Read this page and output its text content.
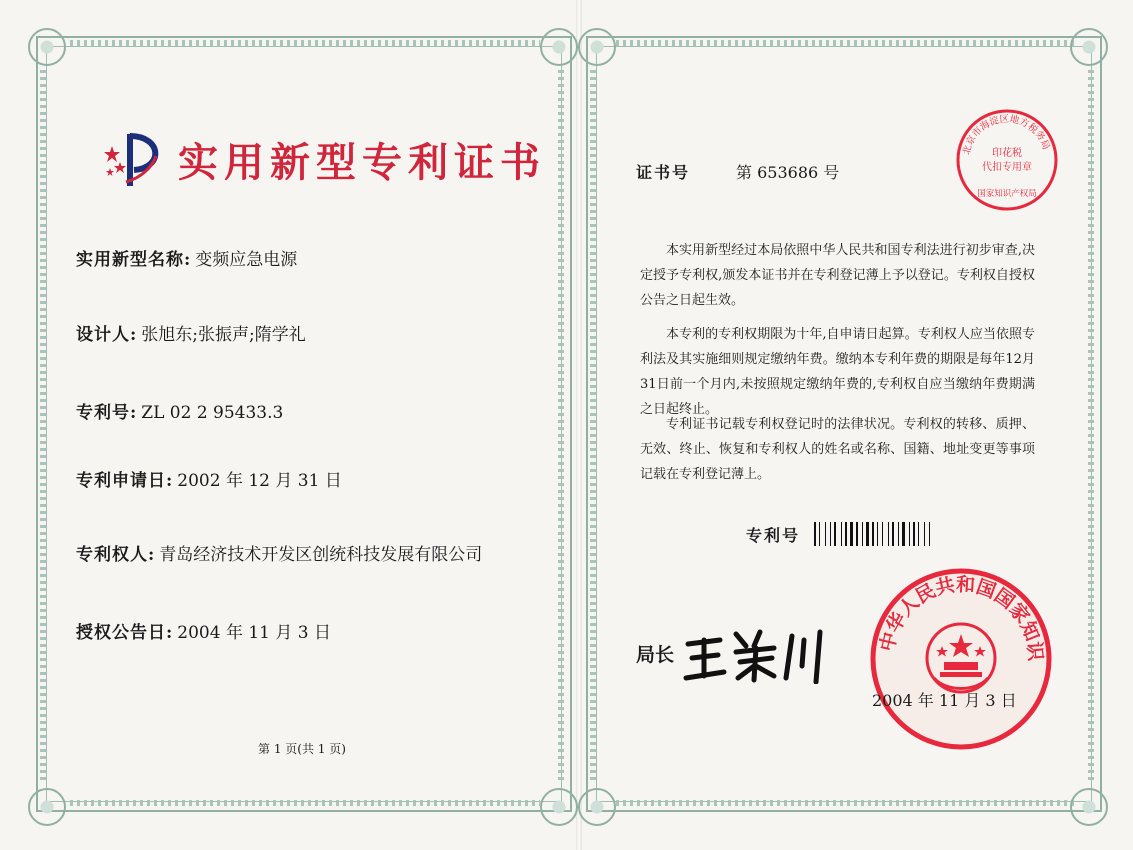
实用新型专利证书
实用新型名称: 变频应急电源
设计人: 张旭东;张振声;隋学礼
专利号: ZL 02 2 95433.3
专利申请日: 2002 年 12 月 31 日
专利权人: 青岛经济技术开发区创统科技发展有限公司
授权公告日: 2004 年 11 月 3 日
第 1 页(共 1 页)
证书号	第 653686 号

本实用新型经过本局依照中华人民共和国专利法进行初步审查,决定授予专利权,颁发本证书并在专利登记薄上予以登记。专利权自授权公告之日起生效。

本专利的专利权期限为十年,自申请日起算。专利权人应当依照专利法及其实施细则规定缴纳年费。缴纳本专利年费的期限是每年12月31日前一个月内,未按照规定缴纳年费的,专利权自应当缴纳年费期满之日起终止。

专利证书记载专利权登记时的法律状况。专利权的转移、质押、无效、终止、恢复和专利权人的姓名或名称、国籍、地址变更等事项记载在专利登记薄上。

专利号
局长
北京市海淀区地方税务局
印花税
代扣专用章
国家知识产权局
中华人民共和国国家知识
2004 年 11 月 3 日
